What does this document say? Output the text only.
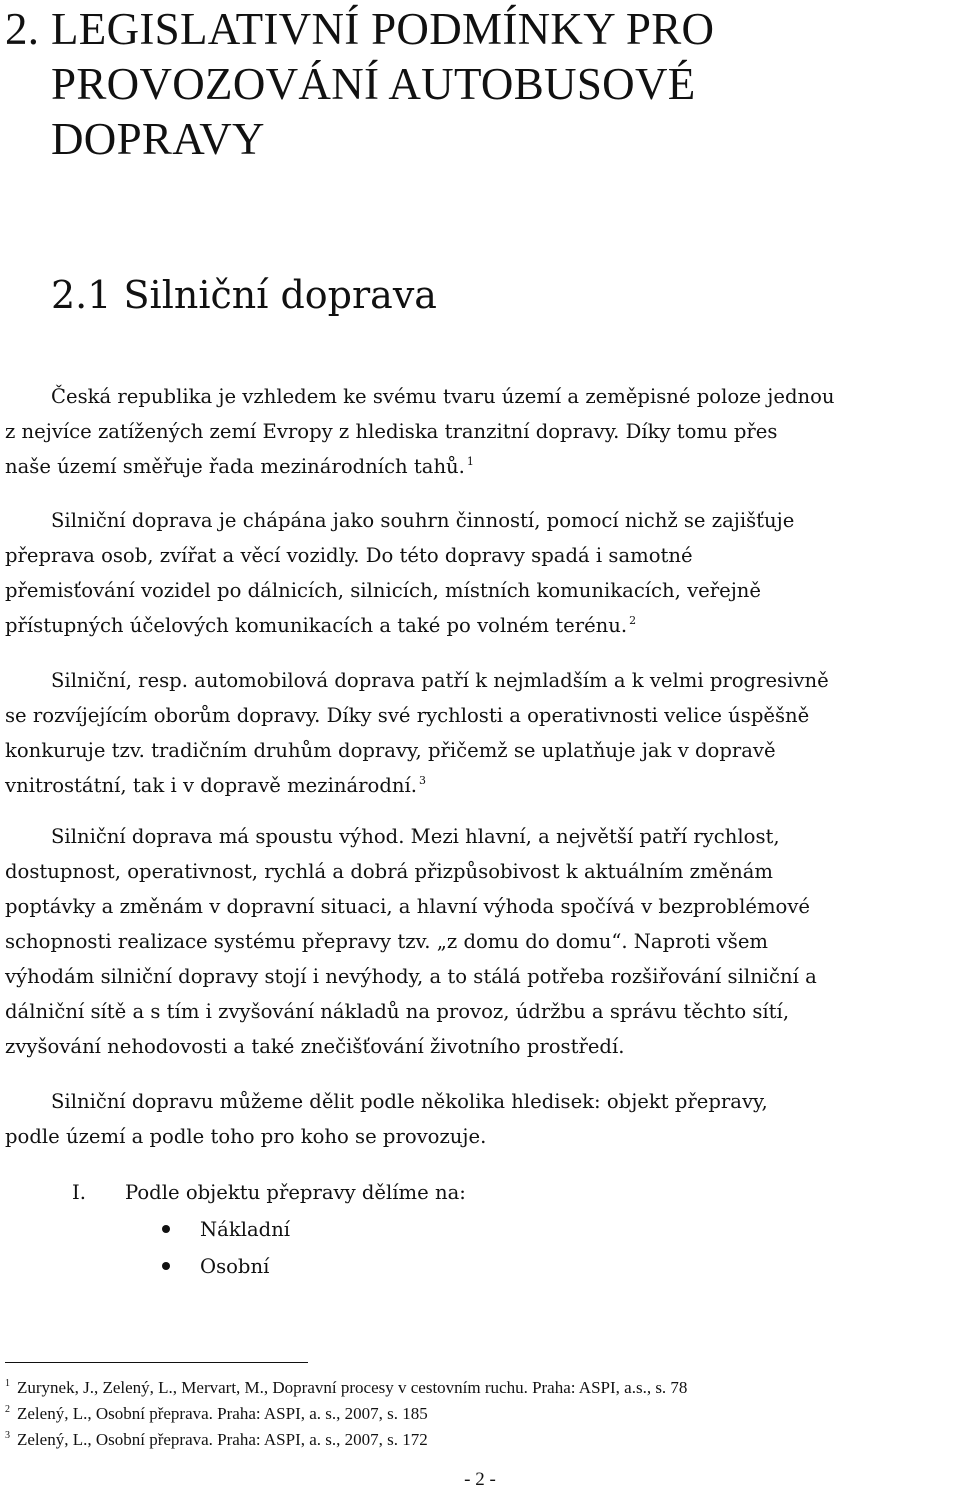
2. LEGISLATIVNÍ PODMÍNKY PRO
PROVOZOVÁNÍ AUTOBUSOVÉ
DOPRAVY
2.1 Silniční doprava

Česká republika je vzhledem ke svému tvaru území a zeměpisné poloze jednou
z nejvíce zatížených zemí Evropy z hlediska tranzitní dopravy. Díky tomu přes
naše území směřuje řada mezinárodních tahů. $^1$

Silniční doprava je chápána jako souhrn činností, pomocí nichž se zajišťuje
přeprava osob, zvířat a věcí vozidly. Do této dopravy spadá i samotné
přemisťování vozidel po dálnicích, silnicích, místních komunikacích, veřejně
přístupných účelových komunikacích a také po volném terénu. $^2$

Silniční, resp. automobilová doprava patří k nejmladším a k velmi progresivně
se rozvíjejícím oborům dopravy. Díky své rychlosti a operativnosti velice úspěšně
konkuruje tzv. tradičním druhům dopravy, přičemž se uplatňuje jak v dopravě
vnitrostátní, tak i v dopravě mezinárodní. $^3$

Silniční doprava má spoustu výhod. Mezi hlavní, a největší patří rychlost,
dostupnost, operativnost, rychlá a dobrá přizpůsobivost k aktuálním změnám
poptávky a změnám v dopravní situaci, a hlavní výhoda spočívá v bezproblémové
schopnosti realizace systému přepravy tzv. „z domu do domu“. Naproti všem
výhodám silniční dopravy stojí i nevýhody, a to stálá potřeba rozšiřování silniční a
dálniční sítě a s tím i zvyšování nákladů na provoz, údržbu a správu těchto sítí,
zvyšování nehodovosti a také znečišťování životního prostředí.

Silniční dopravu můžeme dělit podle několika hledisek: objekt přepravy,
podle území a podle toho pro koho se provozuje.

I. Podle objektu přepravy dělíme na:

Nákladní
Osobní
$^1$ Zurynek, J., Zelený, L., Mervart, M., Dopravní procesy v cestovním ruchu. Praha: ASPI, a.s., s. 78
$^2$ Zelený, L., Osobní přeprava. Praha: ASPI, a. s., 2007, s. 185
$^3$ Zelený, L., Osobní přeprava. Praha: ASPI, a. s., 2007, s. 172
- 2 -
